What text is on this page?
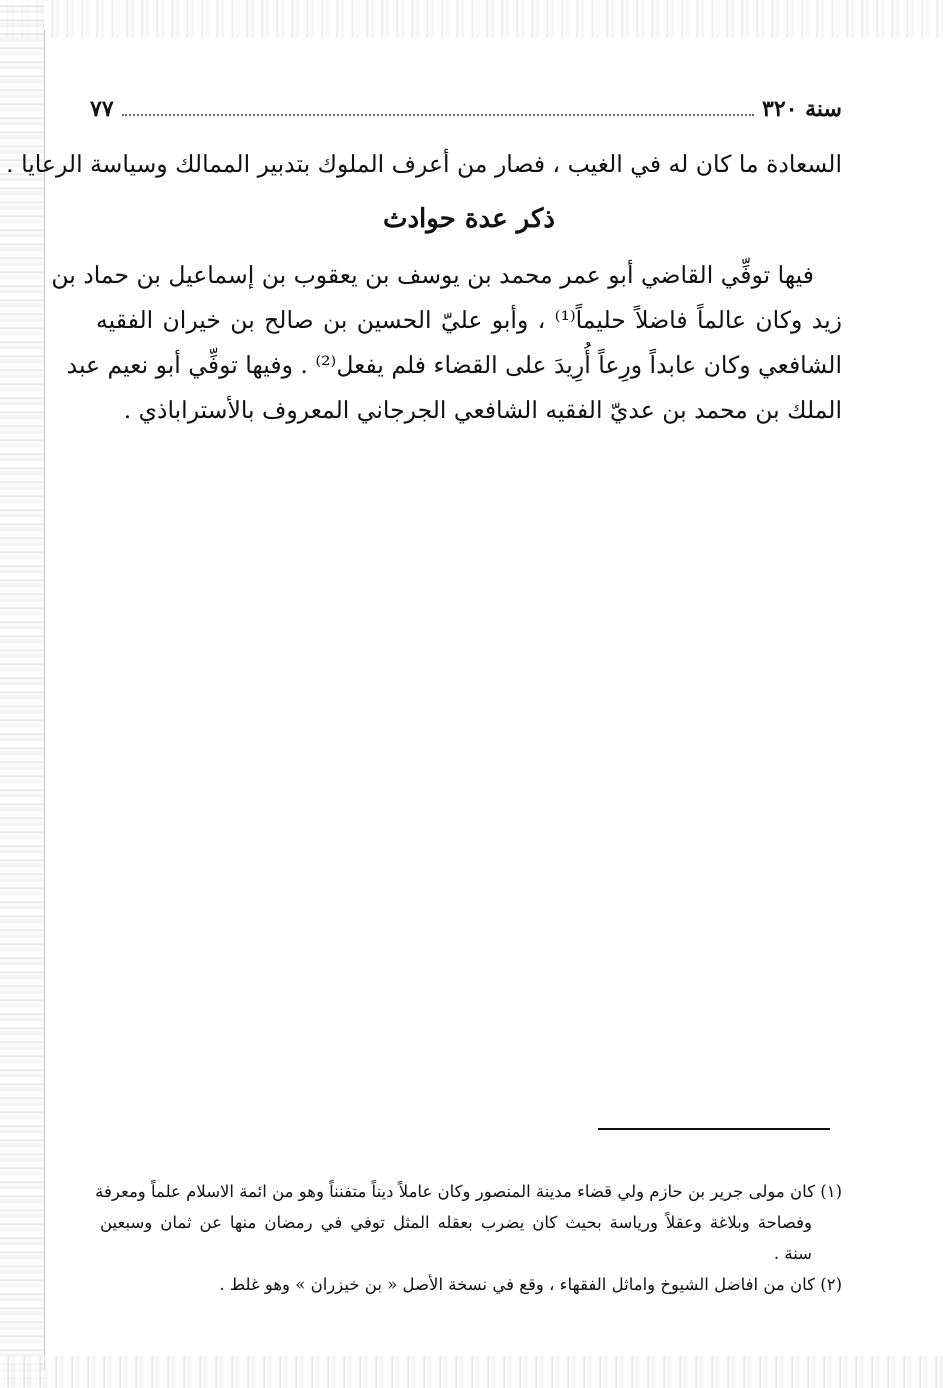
سنة ٣٢٠
٧٧
السعادة ما كان له في الغيب ، فصار من أعرف الملوك بتدبير الممالك وسياسة الرعايا .
ذكر عدة حوادث
فيها توفِّي القاضي أبو عمر محمد بن يوسف بن يعقوب بن إسماعيل بن حماد بن
زيد وكان عالماً فاضلاً حليماً⁽¹⁾ ، وأبو عليّ الحسين بن صالح بن خيران الفقيه
الشافعي وكان عابداً ورِعاً أُرِيدَ على القضاء فلم يفعل⁽²⁾ . وفيها توفِّي أبو نعيم عبد
الملك بن محمد بن عديّ الفقيه الشافعي الجرجاني المعروف بالأستراباذي .
(١) كان مولى جرير بن حازم ولي قضاء مدينة المنصور وكان عاملاً ديناً متفنناً وهو من ائمة الاسلام علماً ومعرفة
وفصاحة وبلاغة وعقلاً ورياسة بحيث كان يضرب بعقله المثل توفي في رمضان منها عن ثمان وسبعين
سنة .
(٢) كان من افاضل الشيوخ واماثل الفقهاء ، وقع في نسخة الأصل « بن خيزران » وهو غلط .
